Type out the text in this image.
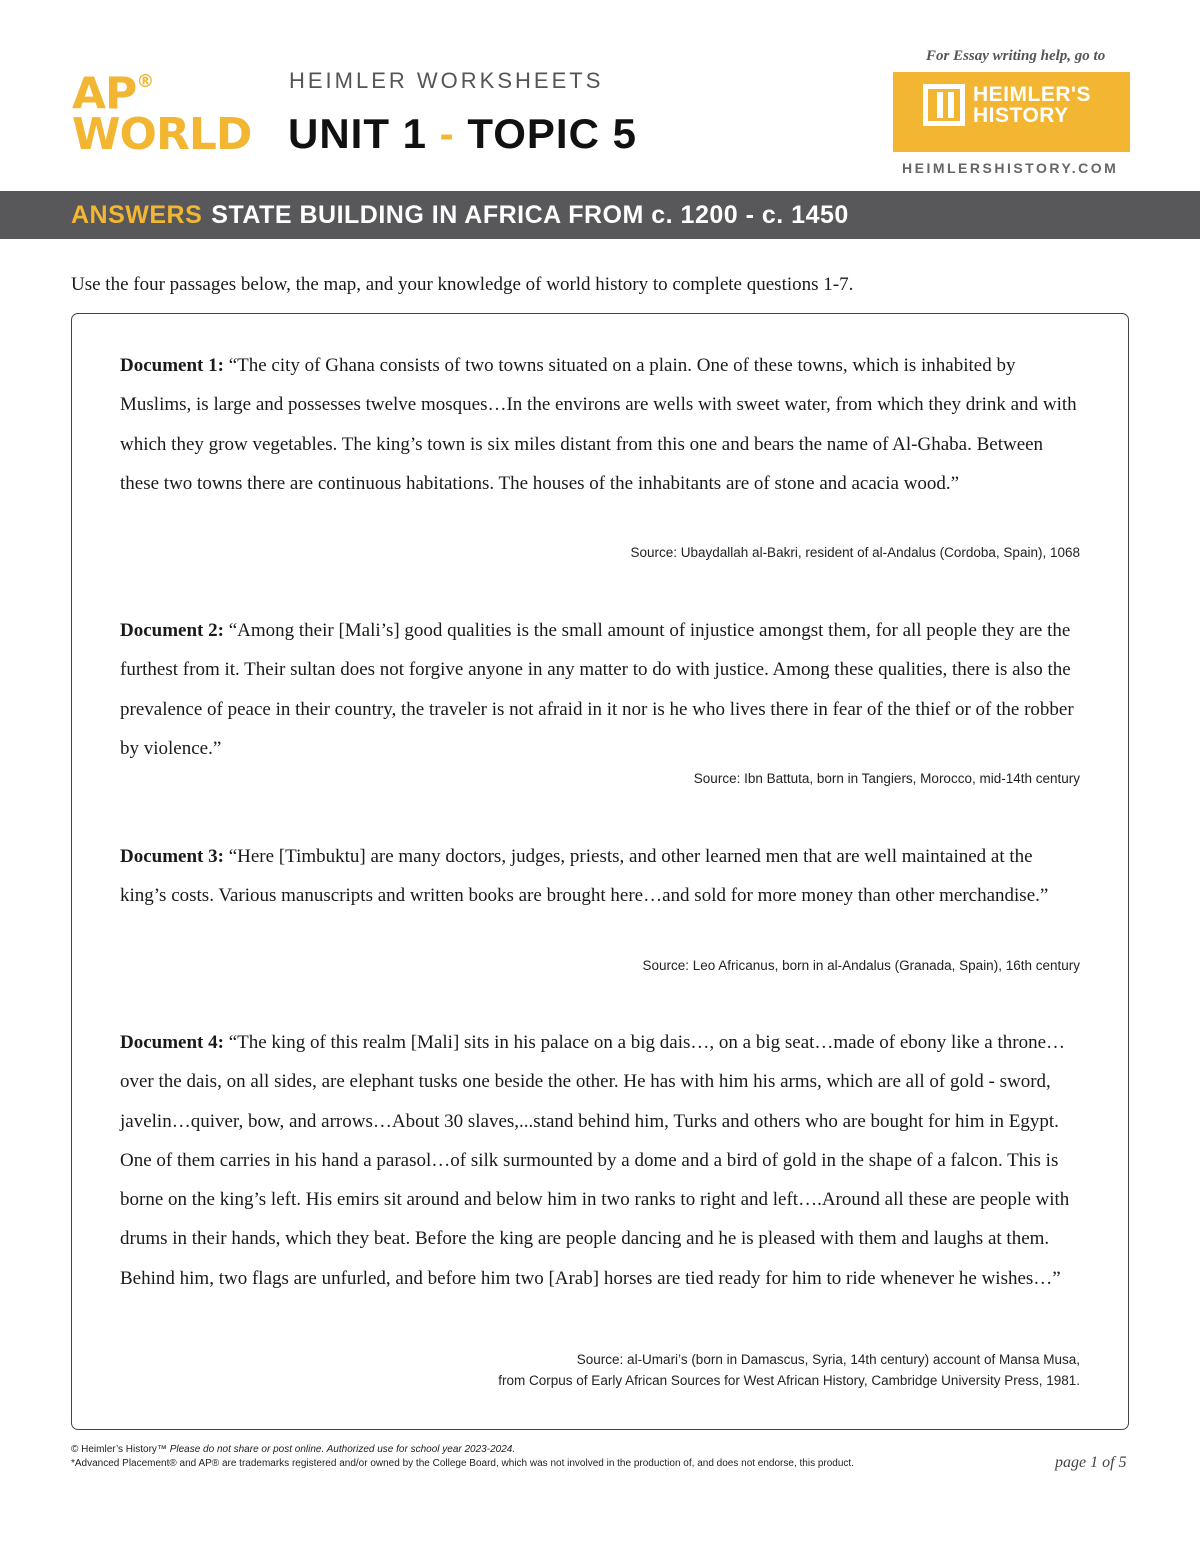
AP®
WORLD
HEIMLER WORKSHEETS
UNIT 1 - TOPIC 5
For Essay writing help, go to
HEIMLER'S
HISTORY
HEIMLERSHISTORY.COM
ANSWERS STATE BUILDING IN AFRICA FROM c. 1200 - c. 1450
Use the four passages below, the map, and your knowledge of world history to complete questions 1-7.
Document 1: “The city of Ghana consists of two towns situated on a plain. One of these towns, which is inhabited by Muslims, is large and possesses twelve mosques…In the environs are wells with sweet water, from which they drink and with which they grow vegetables. The king’s town is six miles distant from this one and bears the name of Al-Ghaba. Between these two towns there are continuous habitations. The houses of the inhabitants are of stone and acacia wood.”
Source: Ubaydallah al-Bakri, resident of al-Andalus (Cordoba, Spain), 1068
Document 2: “Among their [Mali’s] good qualities is the small amount of injustice amongst them, for all people they are the furthest from it. Their sultan does not forgive anyone in any matter to do with justice. Among these qualities, there is also the prevalence of peace in their country, the traveler is not afraid in it nor is he who lives there in fear of the thief or of the robber by violence.”
Source: Ibn Battuta, born in Tangiers, Morocco, mid-14th century
Document 3: “Here [Timbuktu] are many doctors, judges, priests, and other learned men that are well maintained at the king’s costs. Various manuscripts and written books are brought here…and sold for more money than other merchandise.”
Source: Leo Africanus, born in al-Andalus (Granada, Spain), 16th century
Document 4: “The king of this realm [Mali] sits in his palace on a big dais…, on a big seat…made of ebony like a throne…over the dais, on all sides, are elephant tusks one beside the other. He has with him his arms, which are all of gold - sword, javelin…quiver, bow, and arrows…About 30 slaves,...stand behind him, Turks and others who are bought for him in Egypt. One of them carries in his hand a parasol…of silk surmounted by a dome and a bird of gold in the shape of a falcon. This is borne on the king’s left. His emirs sit around and below him in two ranks to right and left….Around all these are people with drums in their hands, which they beat. Before the king are people dancing and he is pleased with them and laughs at them. Behind him, two flags are unfurled, and before him two [Arab] horses are tied ready for him to ride whenever he wishes…”
Source: al-Umari’s (born in Damascus, Syria, 14th century) account of Mansa Musa,
from Corpus of Early African Sources for West African History, Cambridge University Press, 1981.
© Heimler’s History™ Please do not share or post online. Authorized use for school year 2023-2024.
*Advanced Placement® and AP® are trademarks registered and/or owned by the College Board, which was not involved in the production of, and does not endorse, this product.	page 1 of 5
